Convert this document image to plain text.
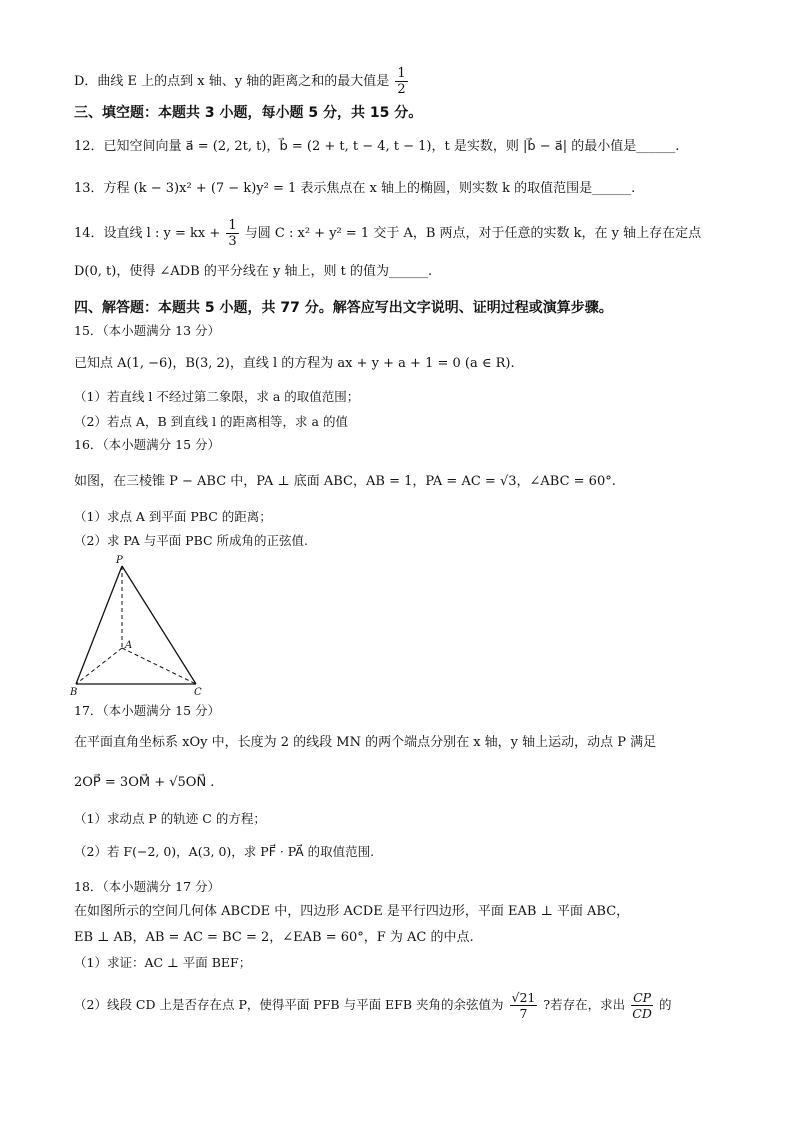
D．曲线 E 上的点到 x 轴、y 轴的距离之和的最大值是 $\frac{1}{2}$
三、填空题：本题共 3 小题，每小题 5 分，共 15 分。
12．已知空间向量 a⃗ = (2, 2t, t)，b⃗ = (2 + t, t − 4, t − 1)，t 是实数，则 |b⃗ − a⃗| 的最小值是______.
13．方程 (k − 3)x² + (7 − k)y² = 1 表示焦点在 x 轴上的椭圆，则实数 k 的取值范围是______.
14．设直线 l : y = kx + $\frac{1}{3}$ 与圆 C : x² + y² = 1 交于 A，B 两点，对于任意的实数 k，在 y 轴上存在定点
D(0, t)，使得 ∠ADB 的平分线在 y 轴上，则 t 的值为______.
四、解答题：本题共 5 小题，共 77 分。解答应写出文字说明、证明过程或演算步骤。
15．（本小题满分 13 分）
已知点 A(1, −6)，B(3, 2)，直线 l 的方程为 ax + y + a + 1 = 0 (a ∈ R).
（1）若直线 l 不经过第二象限，求 a 的取值范围；
（2）若点 A，B 到直线 l 的距离相等，求 a 的值
16．（本小题满分 15 分）
如图，在三棱锥 P − ABC 中，PA ⊥ 底面 ABC，AB = 1，PA = AC = √3，∠ABC = 60°.
（1）求点 A 到平面 PBC 的距离；
（2）求 PA 与平面 PBC 所成角的正弦值.
P
A
B	C
17．（本小题满分 15 分）
在平面直角坐标系 xOy 中，长度为 2 的线段 MN 的两个端点分别在 x 轴，y 轴上运动，动点 P 满足
2OP⃗ = 3OM⃗ + √5ON⃗ .
（1）求动点 P 的轨迹 C 的方程；
（2）若 F(−2, 0)，A(3, 0)，求 PF⃗ · PA⃗ 的取值范围.
18．（本小题满分 17 分）
在如图所示的空间几何体 ABCDE 中，四边形 ACDE 是平行四边形，平面 EAB ⊥ 平面 ABC，
EB ⊥ AB，AB = AC = BC = 2，∠EAB = 60°，F 为 AC 的中点.
（1）求证：AC ⊥ 平面 BEF；
（2）线段 CD 上是否存在点 P，使得平面 PFB 与平面 EFB 夹角的余弦值为 $\frac{√21}{7}$ ?若存在，求出 $\frac{CP}{CD}$ 的
